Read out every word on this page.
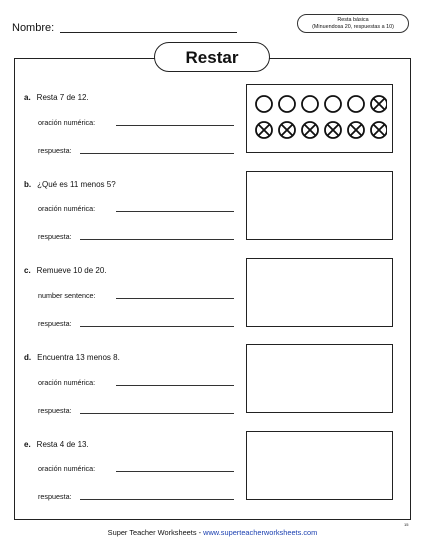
Nombre:
Resta básica
(Minuendosa 20, respuestas a 10)
Restar
a. Resta 7 de 12.
oración numérica:
respuesta:
b. ¿Qué es 11 menos 5?
oración numérica:
respuesta:
c. Remueve 10 de 20.
number sentence:
respuesta:
d. Encuentra 13 menos 8.
oración numérica:
respuesta:
e. Resta 4 de 13.
oración numérica:
respuesta:
Super Teacher Worksheets - www.superteacherworksheets.com
15
